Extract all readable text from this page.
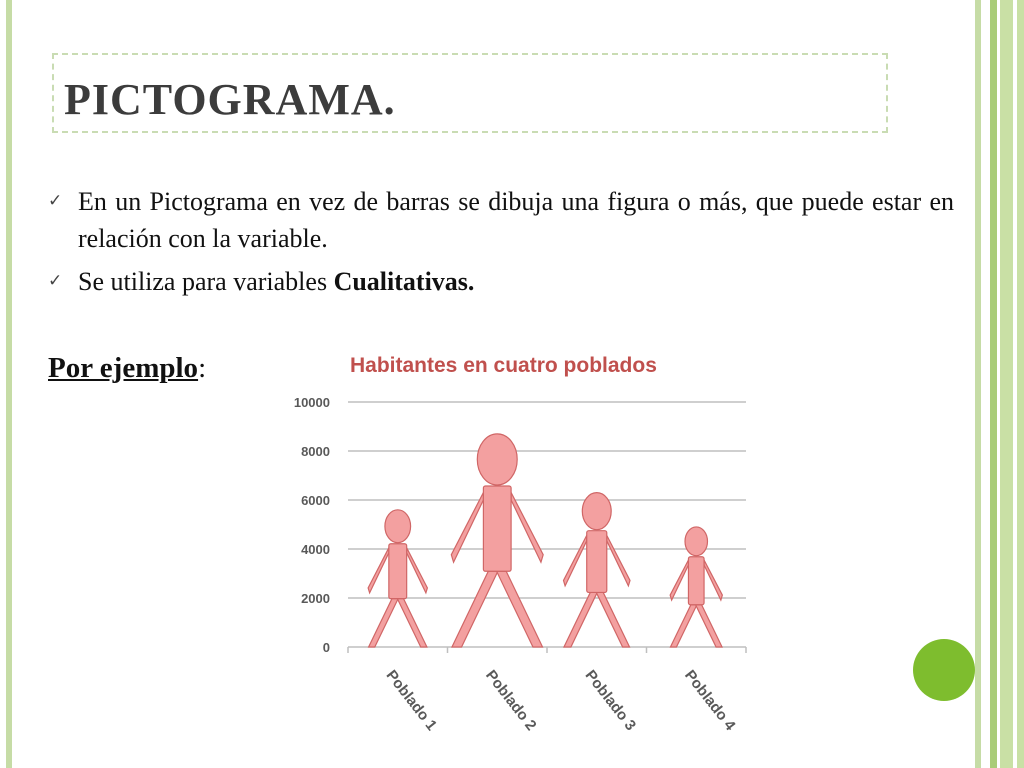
PICTOGRAMA.
✓ En un Pictograma en vez de barras se dibuja una figura o más, que puede estar en relación con la variable.
✓ Se utiliza para variables Cualitativas.
Por ejemplo:	Habitantes en cuatro poblados
0
2000
4000
6000
8000
10000
Poblado 1	Poblado 2	Poblado 3	Poblado 4
